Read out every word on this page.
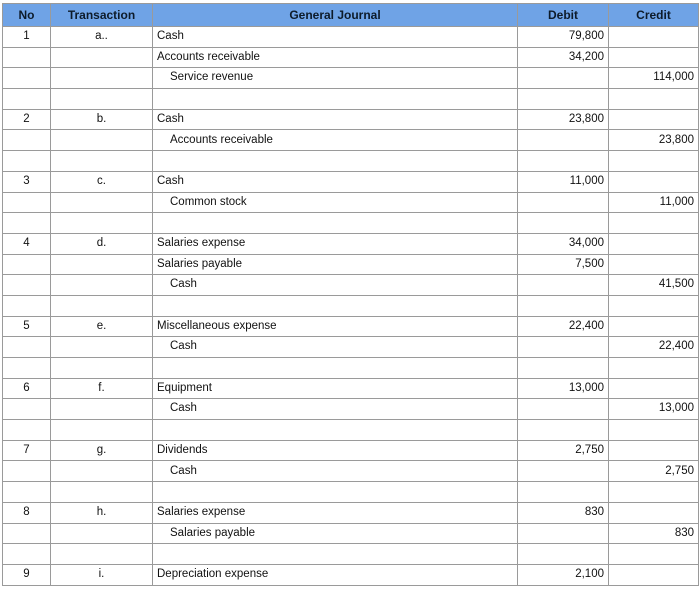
No	Transaction	General Journal	Debit	Credit
1	a..	Cash	79,800	
		Accounts receivable	34,200	
		Service revenue		114,000

2	b.	Cash	23,800	
		Accounts receivable		23,800

3	c.	Cash	11,000	
		Common stock		11,000

4	d.	Salaries expense	34,000	
		Salaries payable	7,500	
		Cash		41,500

5	e.	Miscellaneous expense	22,400	
		Cash		22,400

6	f.	Equipment	13,000	
		Cash		13,000

7	g.	Dividends	2,750	
		Cash		2,750

8	h.	Salaries expense	830	
		Salaries payable		830

9	i.	Depreciation expense	2,100	
